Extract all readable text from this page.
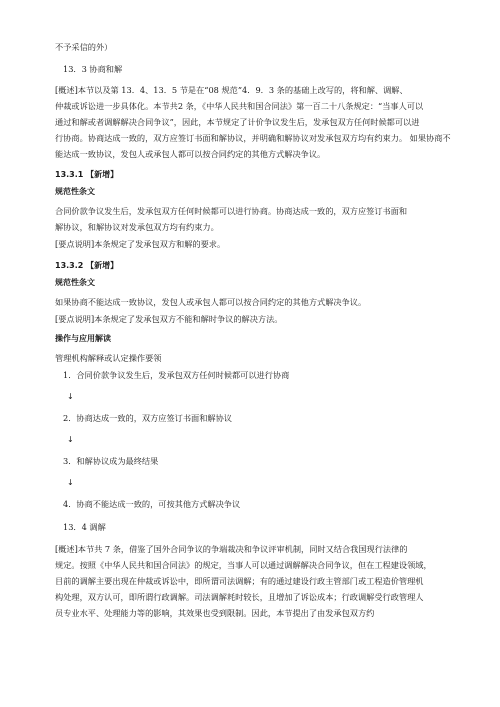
不予采信的外）

13．3 协商和解

[概述]本节以及第 13．4、13．5 节是在“08 规范”4．9．3 条的基础上改写的，将和解、调解、

仲裁或诉讼进一步具体化。本节共2 条，《中华人民共和国合同法》第一百二十八条规定：“当事人可以

通过和解或者调解解决合同争议”，因此，本节规定了计价争议发生后，发承包双方任何时候都可以进

行协商。协商达成一致的，双方应签订书面和解协议，并明确和解协议对发承包双方均有约束力。 如果协商不

能达成一致协议，发包人或承包人都可以按合同约定的其他方式解决争议。

13.3.1 【新增】

规范性条文

合同价款争议发生后，发承包双方任何时候都可以进行协商。协商达成一致的，双方应签订书面和

解协议，和解协议对发承包双方均有约束力。

[要点说明]本条规定了发承包双方和解的要求。

13.3.2 【新增】

规范性条文

如果协商不能达成一致协议，发包人或承包人都可以按合同约定的其他方式解决争议。

[要点说明]本条规定了发承包双方不能和解时争议的解决方法。

操作与应用解读

管理机构解释或认定操作要领

1．合同价款争议发生后，发承包双方任何时候都可以进行协商

↓

2．协商达成一致的，双方应签订书面和解协议

↓

3．和解协议成为最终结果

↓

4．协商不能达成一致的，可按其他方式解决争议

13．4 调解

[概述]本节共 7 条，借鉴了国外合同争议的争端裁决和争议评审机制，同时又结合我国现行法律的

规定。按照《中华人民共和国合同法》的规定，当事人可以通过调解解决合同争议，但在工程建设领域，

目前的调解主要出现在仲裁或诉讼中，即所谓司法调解；有的通过建设行政主管部门或工程造价管理机

构处理，双方认可，即所谓行政调解。司法调解耗时较长，且增加了诉讼成本；行政调解受行政管理人

员专业水平、处理能力等的影响，其效果也受到限制。因此，本节提出了由发承包双方约
